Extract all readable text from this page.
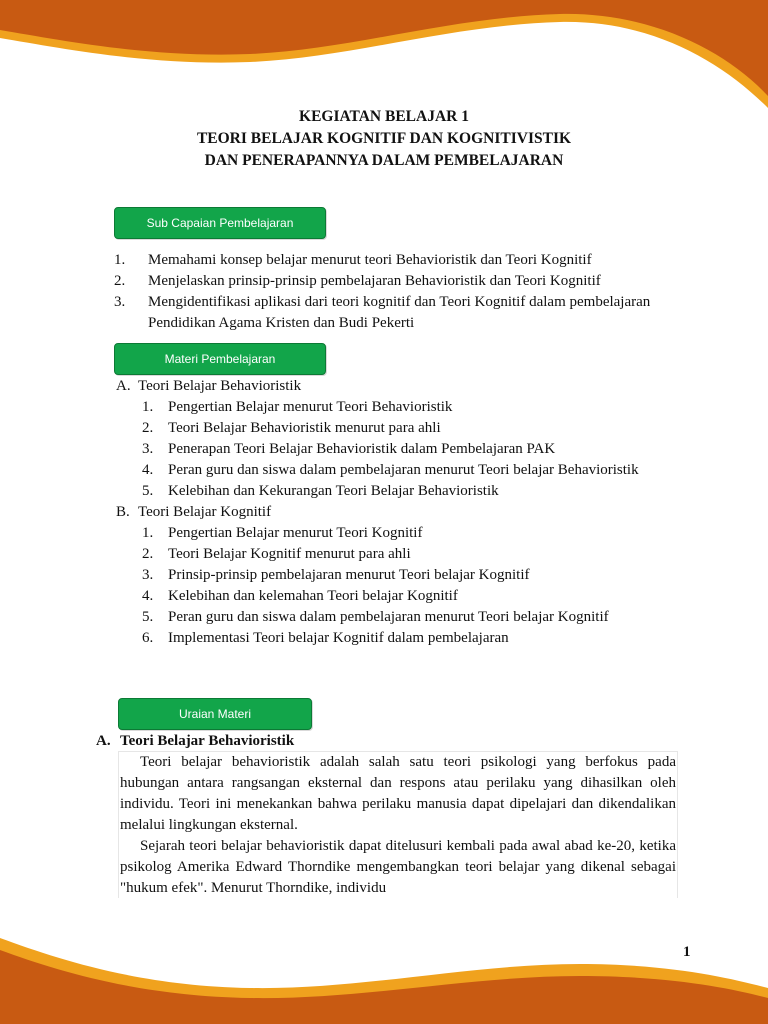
KEGIATAN BELAJAR 1
TEORI BELAJAR KOGNITIF DAN KOGNITIVISTIK
DAN PENERAPANNYA DALAM PEMBELAJARAN
Sub Capaian Pembelajaran
1.	Memahami konsep belajar menurut teori Behavioristik dan Teori Kognitif
2.	Menjelaskan prinsip-prinsip pembelajaran Behavioristik dan Teori Kognitif
3.	Mengidentifikasi aplikasi dari teori kognitif dan Teori Kognitif dalam pembelajaran Pendidikan Agama Kristen dan Budi Pekerti
Materi Pembelajaran
A. Teori Belajar Behavioristik
1. Pengertian Belajar menurut Teori Behavioristik
2. Teori Belajar Behavioristik menurut para ahli
3. Penerapan Teori Belajar Behavioristik dalam Pembelajaran PAK
4. Peran guru dan siswa dalam pembelajaran menurut Teori belajar Behavioristik
5. Kelebihan dan Kekurangan Teori Belajar Behavioristik
B. Teori Belajar Kognitif
1. Pengertian Belajar menurut Teori Kognitif
2. Teori Belajar Kognitif menurut para ahli
3. Prinsip-prinsip pembelajaran menurut Teori belajar Kognitif
4. Kelebihan dan kelemahan Teori belajar Kognitif
5. Peran guru dan siswa dalam pembelajaran menurut Teori belajar Kognitif
6. Implementasi Teori belajar Kognitif dalam pembelajaran
Uraian Materi
A. Teori Belajar Behavioristik

Teori belajar behavioristik adalah salah satu teori psikologi yang berfokus pada hubungan antara rangsangan eksternal dan respons atau perilaku yang dihasilkan oleh individu. Teori ini menekankan bahwa perilaku manusia dapat dipelajari dan dikendalikan melalui lingkungan eksternal.

Sejarah teori belajar behavioristik dapat ditelusuri kembali pada awal abad ke-20, ketika psikolog Amerika Edward Thorndike mengembangkan teori belajar yang dikenal sebagai "hukum efek". Menurut Thorndike, individu

1
